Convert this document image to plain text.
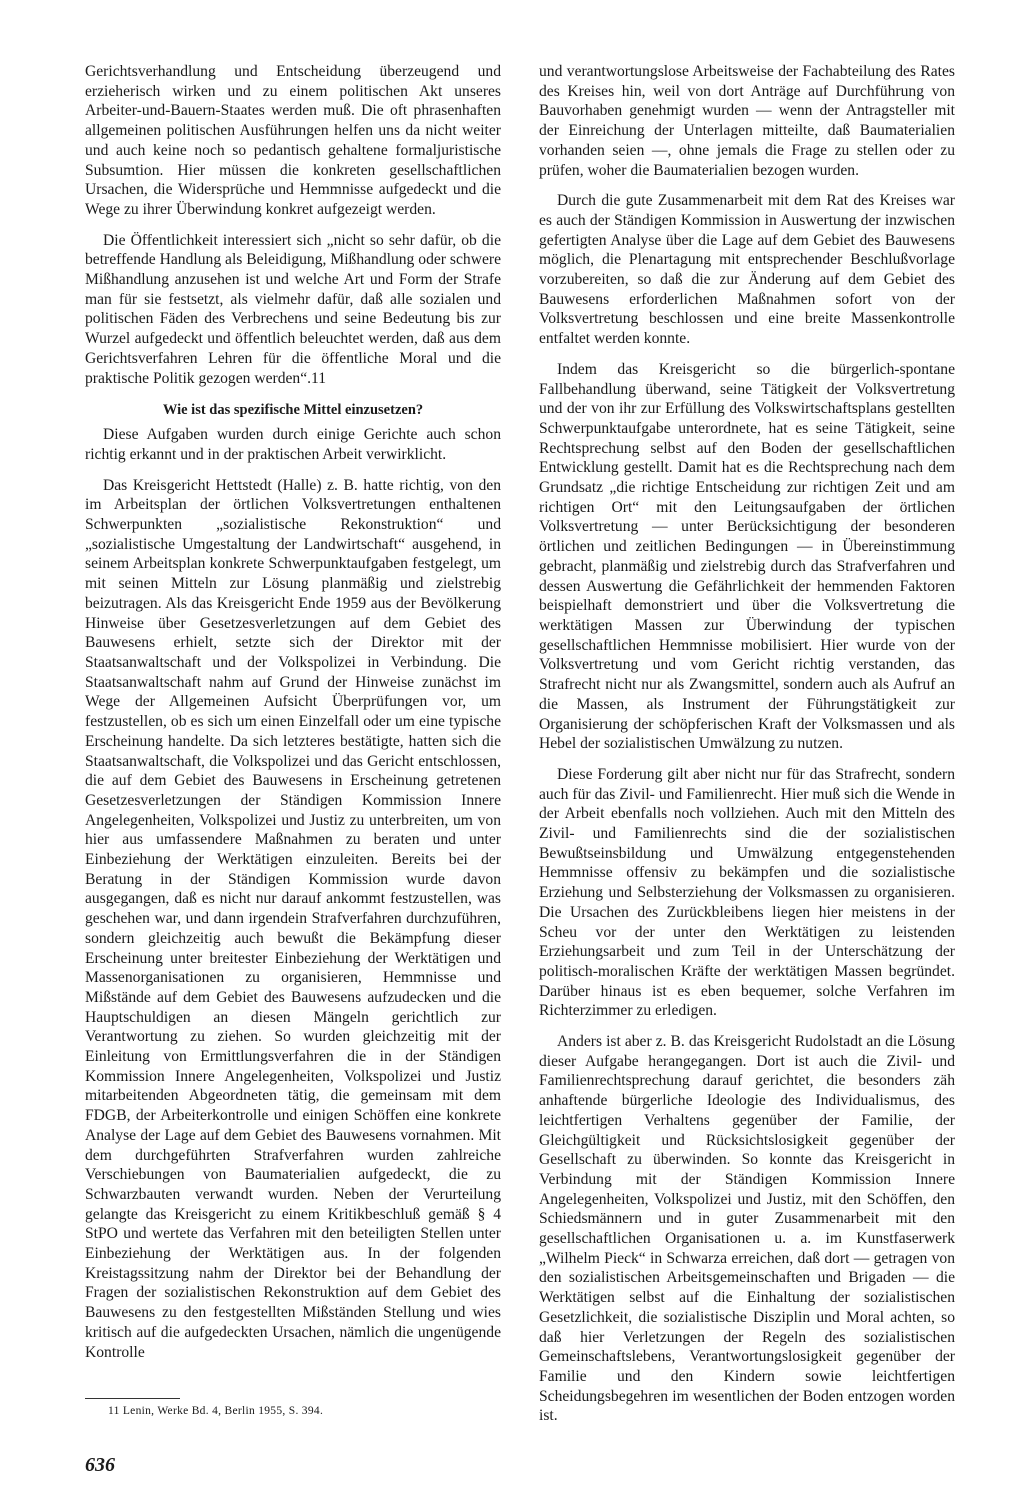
Gerichtsverhandlung und Entscheidung überzeugend und erzieherisch wirken und zu einem politischen Akt unseres Arbeiter-und-Bauern-Staates werden muß. Die oft phrasenhaften allgemeinen politischen Ausführungen helfen uns da nicht weiter und auch keine noch so pedantisch gehaltene formaljuristische Subsumtion. Hier müssen die konkreten gesellschaftlichen Ursachen, die Widersprüche und Hemmnisse aufgedeckt und die Wege zu ihrer Überwindung konkret aufgezeigt werden.

Die Öffentlichkeit interessiert sich „nicht so sehr dafür, ob die betreffende Handlung als Beleidigung, Mißhandlung oder schwere Mißhandlung anzusehen ist und welche Art und Form der Strafe man für sie festsetzt, als vielmehr dafür, daß alle sozialen und politischen Fäden des Verbrechens und seine Bedeutung bis zur Wurzel aufgedeckt und öffentlich beleuchtet werden, daß aus dem Gerichtsverfahren Lehren für die öffentliche Moral und die praktische Politik gezogen werden“.11

Wie ist das spezifische Mittel einzusetzen?

Diese Aufgaben wurden durch einige Gerichte auch schon richtig erkannt und in der praktischen Arbeit verwirklicht.

Das Kreisgericht Hettstedt (Halle) z. B. hatte richtig, von den im Arbeitsplan der örtlichen Volksvertretungen enthaltenen Schwerpunkten „sozialistische Rekonstruktion“ und „sozialistische Umgestaltung der Landwirtschaft“ ausgehend, in seinem Arbeitsplan konkrete Schwerpunktaufgaben festgelegt, um mit seinen Mitteln zur Lösung planmäßig und zielstrebig beizutragen. Als das Kreisgericht Ende 1959 aus der Bevölkerung Hinweise über Gesetzesverletzungen auf dem Gebiet des Bauwesens erhielt, setzte sich der Direktor mit der Staatsanwaltschaft und der Volkspolizei in Verbindung. Die Staatsanwaltschaft nahm auf Grund der Hinweise zunächst im Wege der Allgemeinen Aufsicht Überprüfungen vor, um festzustellen, ob es sich um einen Einzelfall oder um eine typische Erscheinung handelte. Da sich letzteres bestätigte, hatten sich die Staatsanwaltschaft, die Volkspolizei und das Gericht entschlossen, die auf dem Gebiet des Bauwesens in Erscheinung getretenen Gesetzesverletzungen der Ständigen Kommission Innere Angelegenheiten, Volkspolizei und Justiz zu unterbreiten, um von hier aus umfassendere Maßnahmen zu beraten und unter Einbeziehung der Werktätigen einzuleiten. Bereits bei der Beratung in der Ständigen Kommission wurde davon ausgegangen, daß es nicht nur darauf ankommt festzustellen, was geschehen war, und dann irgendein Strafverfahren durchzuführen, sondern gleichzeitig auch bewußt die Bekämpfung dieser Erscheinung unter breitester Einbeziehung der Werktätigen und Massenorganisationen zu organisieren, Hemmnisse und Mißstände auf dem Gebiet des Bauwesens aufzudecken und die Hauptschuldigen an diesen Mängeln gerichtlich zur Verantwortung zu ziehen. So wurden gleichzeitig mit der Einleitung von Ermittlungsverfahren die in der Ständigen Kommission Innere Angelegenheiten, Volkspolizei und Justiz mitarbeitenden Abgeordneten tätig, die gemeinsam mit dem FDGB, der Arbeiterkontrolle und einigen Schöffen eine konkrete Analyse der Lage auf dem Gebiet des Bauwesens vornahmen. Mit dem durchgeführten Strafverfahren wurden zahlreiche Verschiebungen von Baumaterialien aufgedeckt, die zu Schwarzbauten verwandt wurden. Neben der Verurteilung gelangte das Kreisgericht zu einem Kritikbeschluß gemäß § 4 StPO und wertete das Verfahren mit den beteiligten Stellen unter Einbeziehung der Werktätigen aus. In der folgenden Kreistagssitzung nahm der Direktor bei der Behandlung der Fragen der sozialistischen Rekonstruktion auf dem Gebiet des Bauwesens zu den festgestellten Mißständen Stellung und wies kritisch auf die aufgedeckten Ursachen, nämlich die ungenügende Kontrolle

und verantwortungslose Arbeitsweise der Fachabteilung des Rates des Kreises hin, weil von dort Anträge auf Durchführung von Bauvorhaben genehmigt wurden — wenn der Antragsteller mit der Einreichung der Unterlagen mitteilte, daß Baumaterialien vorhanden seien —, ohne jemals die Frage zu stellen oder zu prüfen, woher die Baumaterialien bezogen wurden.

Durch die gute Zusammenarbeit mit dem Rat des Kreises war es auch der Ständigen Kommission in Auswertung der inzwischen gefertigten Analyse über die Lage auf dem Gebiet des Bauwesens möglich, die Plenartagung mit entsprechender Beschlußvorlage vorzubereiten, so daß die zur Änderung auf dem Gebiet des Bauwesens erforderlichen Maßnahmen sofort von der Volksvertretung beschlossen und eine breite Massenkontrolle entfaltet werden konnte.

Indem das Kreisgericht so die bürgerlich-spontane Fallbehandlung überwand, seine Tätigkeit der Volksvertretung und der von ihr zur Erfüllung des Volkswirtschaftsplans gestellten Schwerpunktaufgabe unterordnete, hat es seine Tätigkeit, seine Rechtsprechung selbst auf den Boden der gesellschaftlichen Entwicklung gestellt. Damit hat es die Rechtsprechung nach dem Grundsatz „die richtige Entscheidung zur richtigen Zeit und am richtigen Ort“ mit den Leitungsaufgaben der örtlichen Volksvertretung — unter Berücksichtigung der besonderen örtlichen und zeitlichen Bedingungen — in Übereinstimmung gebracht, planmäßig und zielstrebig durch das Strafverfahren und dessen Auswertung die Gefährlichkeit der hemmenden Faktoren beispielhaft demonstriert und über die Volksvertretung die werktätigen Massen zur Überwindung der typischen gesellschaftlichen Hemmnisse mobilisiert. Hier wurde von der Volksvertretung und vom Gericht richtig verstanden, das Strafrecht nicht nur als Zwangsmittel, sondern auch als Aufruf an die Massen, als Instrument der Führungstätigkeit zur Organisierung der schöpferischen Kraft der Volksmassen und als Hebel der sozialistischen Umwälzung zu nutzen.

Diese Forderung gilt aber nicht nur für das Strafrecht, sondern auch für das Zivil- und Familienrecht. Hier muß sich die Wende in der Arbeit ebenfalls noch vollziehen. Auch mit den Mitteln des Zivil- und Familienrechts sind die der sozialistischen Bewußtseinsbildung und Umwälzung entgegenstehenden Hemmnisse offensiv zu bekämpfen und die sozialistische Erziehung und Selbsterziehung der Volksmassen zu organisieren. Die Ursachen des Zurückbleibens liegen hier meistens in der Scheu vor der unter den Werktätigen zu leistenden Erziehungsarbeit und zum Teil in der Unterschätzung der politisch-moralischen Kräfte der werktätigen Massen begründet. Darüber hinaus ist es eben bequemer, solche Verfahren im Richterzimmer zu erledigen.

Anders ist aber z. B. das Kreisgericht Rudolstadt an die Lösung dieser Aufgabe herangegangen. Dort ist auch die Zivil- und Familienrechtsprechung darauf gerichtet, die besonders zäh anhaftende bürgerliche Ideologie des Individualismus, des leichtfertigen Verhaltens gegenüber der Familie, der Gleichgültigkeit und Rücksichtslosigkeit gegenüber der Gesellschaft zu überwinden. So konnte das Kreisgericht in Verbindung mit der Ständigen Kommission Innere Angelegenheiten, Volkspolizei und Justiz, mit den Schöffen, den Schiedsmännern und in guter Zusammenarbeit mit den gesellschaftlichen Organisationen u. a. im Kunstfaserwerk „Wilhelm Pieck“ in Schwarza erreichen, daß dort — getragen von den sozialistischen Arbeitsgemeinschaften und Brigaden — die Werktätigen selbst auf die Einhaltung der sozialistischen Gesetzlichkeit, die sozialistische Disziplin und Moral achten, so daß hier Verletzungen der Regeln des sozialistischen Gemeinschaftslebens, Verantwortungslosigkeit gegenüber der Familie und den Kindern sowie leichtfertigen Scheidungsbegehren im wesentlichen der Boden entzogen worden ist.

11 Lenin, Werke Bd. 4, Berlin 1955, S. 394.
636
